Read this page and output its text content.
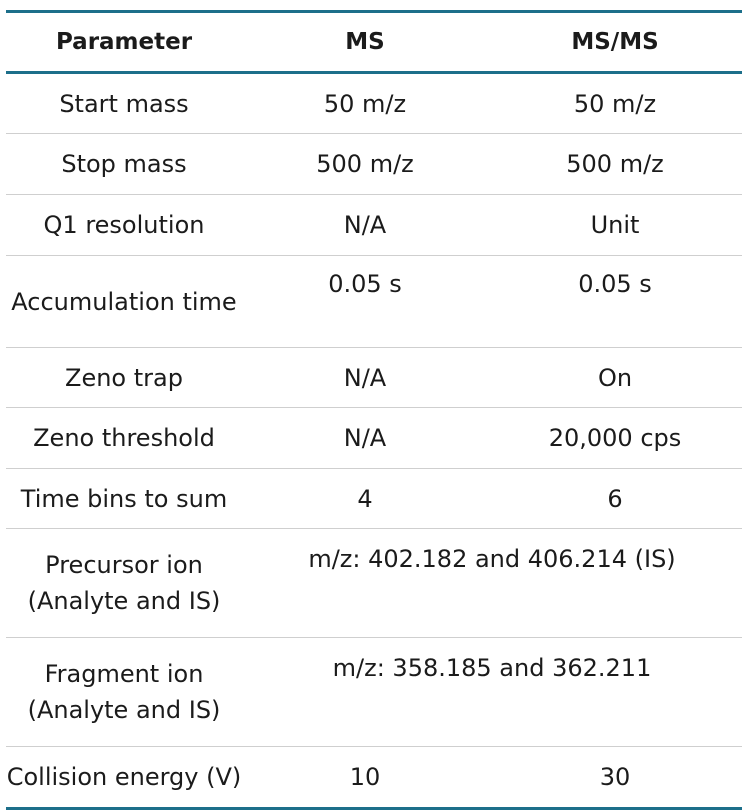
Parameter	MS	MS/MS
Start mass	50 m/z	50 m/z
Stop mass	500 m/z	500 m/z
Q1 resolution	N/A	Unit
Accumulation time	0.05 s	0.05 s
Zeno trap	N/A	On
Zeno threshold	N/A	20,000 cps
Time bins to sum	4	6

Precursor ion
(Analyte and IS)	m/z: 402.182 and 406.214 (IS)	

Fragment ion
(Analyte and IS)	m/z: 358.185 and 362.211	
Collision energy (V)	10	30
